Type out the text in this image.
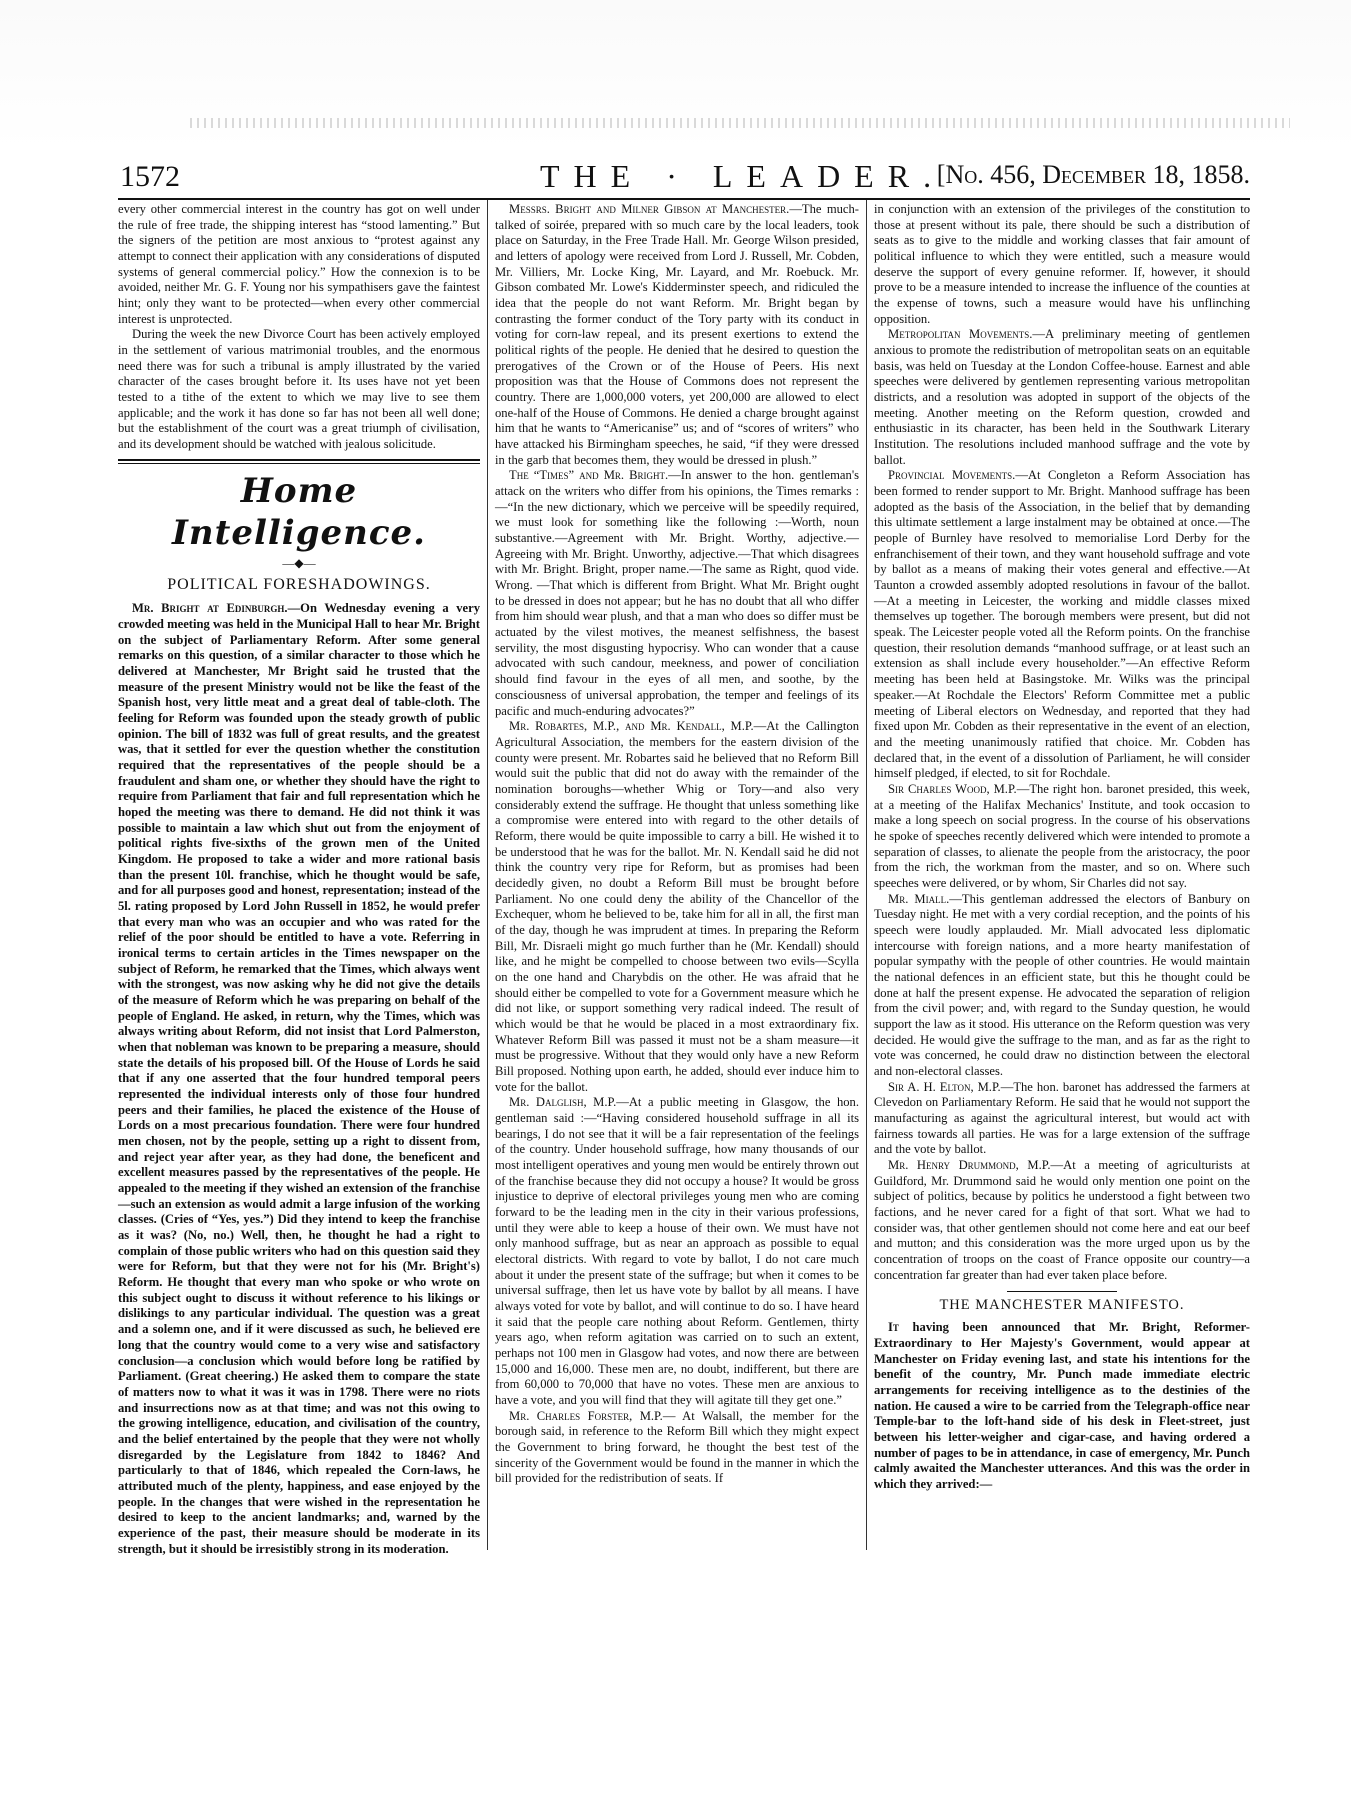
1572	THE · LEADER.
[No. 456, December 18, 1858.

every other commercial interest in the country has got on well under the rule of free trade, the shipping interest has “stood lamenting.” But the signers of the petition are most anxious to “protest against any attempt to connect their application with any considerations of disputed systems of general commercial policy.” How the connexion is to be avoided, neither Mr. G. F. Young nor his sympathisers gave the faintest hint; only they want to be protected—when every other commercial interest is unprotected.

During the week the new Divorce Court has been actively employed in the settlement of various matrimonial troubles, and the enormous need there was for such a tribunal is amply illustrated by the varied character of the cases brought before it. Its uses have not yet been tested to a tithe of the extent to which we may live to see them applicable; and the work it has done so far has not been all well done; but the establishment of the court was a great triumph of civilisation, and its development should be watched with jealous solicitude.

Home Intelligence.
—◆—
POLITICAL FORESHADOWINGS.

Mr. Bright at Edinburgh.—On Wednesday evening a very crowded meeting was held in the Municipal Hall to hear Mr. Bright on the subject of Parliamentary Reform. After some general remarks on this question, of a similar character to those which he delivered at Manchester, Mr Bright said he trusted that the measure of the present Ministry would not be like the feast of the Spanish host, very little meat and a great deal of table-cloth. The feeling for Reform was founded upon the steady growth of public opinion. The bill of 1832 was full of great results, and the greatest was, that it settled for ever the question whether the constitution required that the representatives of the people should be a fraudulent and sham one, or whether they should have the right to require from Parliament that fair and full representation which he hoped the meeting was there to demand. He did not think it was possible to maintain a law which shut out from the enjoyment of political rights five-sixths of the grown men of the United Kingdom. He proposed to take a wider and more rational basis than the present 10l. franchise, which he thought would be safe, and for all purposes good and honest, representation; instead of the 5l. rating proposed by Lord John Russell in 1852, he would prefer that every man who was an occupier and who was rated for the relief of the poor should be entitled to have a vote. Referring in ironical terms to certain articles in the Times newspaper on the subject of Reform, he remarked that the Times, which always went with the strongest, was now asking why he did not give the details of the measure of Reform which he was preparing on behalf of the people of England. He asked, in return, why the Times, which was always writing about Reform, did not insist that Lord Palmerston, when that nobleman was known to be preparing a measure, should state the details of his proposed bill. Of the House of Lords he said that if any one asserted that the four hundred temporal peers represented the individual interests only of those four hundred peers and their families, he placed the existence of the House of Lords on a most precarious foundation. There were four hundred men chosen, not by the people, setting up a right to dissent from, and reject year after year, as they had done, the beneficent and excellent measures passed by the representatives of the people. He appealed to the meeting if they wished an extension of the franchise—such an extension as would admit a large infusion of the working classes. (Cries of “Yes, yes.”) Did they intend to keep the franchise as it was? (No, no.) Well, then, he thought he had a right to complain of those public writers who had on this question said they were for Reform, but that they were not for his (Mr. Bright's) Reform. He thought that every man who spoke or who wrote on this subject ought to discuss it without reference to his likings or dislikings to any particular individual. The question was a great and a solemn one, and if it were discussed as such, he believed ere long that the country would come to a very wise and satisfactory conclusion—a conclusion which would before long be ratified by Parliament. (Great cheering.) He asked them to compare the state of matters now to what it was it was in 1798. There were no riots and insurrections now as at that time; and was not this owing to the growing intelligence, education, and civilisation of the country, and the belief entertained by the people that they were not wholly disregarded by the Legislature from 1842 to 1846? And particularly to that of 1846, which repealed the Corn-laws, he attributed much of the plenty, happiness, and ease enjoyed by the people. In the changes that were wished in the representation he desired to keep to the ancient landmarks; and, warned by the experience of the past, their measure should be moderate in its strength, but it should be irresistibly strong in its moderation.

Messrs. Bright and Milner Gibson at Manchester.—The much-talked of soirée, prepared with so much care by the local leaders, took place on Saturday, in the Free Trade Hall. Mr. George Wilson presided, and letters of apology were received from Lord J. Russell, Mr. Cobden, Mr. Villiers, Mr. Locke King, Mr. Layard, and Mr. Roebuck. Mr. Gibson combated Mr. Lowe's Kidderminster speech, and ridiculed the idea that the people do not want Reform. Mr. Bright began by contrasting the former conduct of the Tory party with its conduct in voting for corn-law repeal, and its present exertions to extend the political rights of the people. He denied that he desired to question the prerogatives of the Crown or of the House of Peers. His next proposition was that the House of Commons does not represent the country. There are 1,000,000 voters, yet 200,000 are allowed to elect one-half of the House of Commons. He denied a charge brought against him that he wants to “Americanise” us; and of “scores of writers” who have attacked his Birmingham speeches, he said, “if they were dressed in the garb that becomes them, they would be dressed in plush.”

The “Times” and Mr. Bright.—In answer to the hon. gentleman's attack on the writers who differ from his opinions, the Times remarks :—“In the new dictionary, which we perceive will be speedily required, we must look for something like the following :—Worth, noun substantive.—Agreement with Mr. Bright. Worthy, adjective.—Agreeing with Mr. Bright. Unworthy, adjective.—That which disagrees with Mr. Bright. Bright, proper name.—The same as Right, quod vide. Wrong. —That which is different from Bright. What Mr. Bright ought to be dressed in does not appear; but he has no doubt that all who differ from him should wear plush, and that a man who does so differ must be actuated by the vilest motives, the meanest selfishness, the basest servility, the most disgusting hypocrisy. Who can wonder that a cause advocated with such candour, meekness, and power of conciliation should find favour in the eyes of all men, and soothe, by the consciousness of universal approbation, the temper and feelings of its pacific and much-enduring advocates?”

Mr. Robartes, M.P., and Mr. Kendall, M.P.—At the Callington Agricultural Association, the members for the eastern division of the county were present. Mr. Robartes said he believed that no Reform Bill would suit the public that did not do away with the remainder of the nomination boroughs—whether Whig or Tory—and also very considerably extend the suffrage. He thought that unless something like a compromise were entered into with regard to the other details of Reform, there would be quite impossible to carry a bill. He wished it to be understood that he was for the ballot. Mr. N. Kendall said he did not think the country very ripe for Reform, but as promises had been decidedly given, no doubt a Reform Bill must be brought before Parliament. No one could deny the ability of the Chancellor of the Exchequer, whom he believed to be, take him for all in all, the first man of the day, though he was imprudent at times. In preparing the Reform Bill, Mr. Disraeli might go much further than he (Mr. Kendall) should like, and he might be compelled to choose between two evils—Scylla on the one hand and Charybdis on the other. He was afraid that he should either be compelled to vote for a Government measure which he did not like, or support something very radical indeed. The result of which would be that he would be placed in a most extraordinary fix. Whatever Reform Bill was passed it must not be a sham measure—it must be progressive. Without that they would only have a new Reform Bill proposed. Nothing upon earth, he added, should ever induce him to vote for the ballot.

Mr. Dalglish, M.P.—At a public meeting in Glasgow, the hon. gentleman said :—“Having considered household suffrage in all its bearings, I do not see that it will be a fair representation of the feelings of the country. Under household suffrage, how many thousands of our most intelligent operatives and young men would be entirely thrown out of the franchise because they did not occupy a house? It would be gross injustice to deprive of electoral privileges young men who are coming forward to be the leading men in the city in their various professions, until they were able to keep a house of their own. We must have not only manhood suffrage, but as near an approach as possible to equal electoral districts. With regard to vote by ballot, I do not care much about it under the present state of the suffrage; but when it comes to be universal suffrage, then let us have vote by ballot by all means. I have always voted for vote by ballot, and will continue to do so. I have heard it said that the people care nothing about Reform. Gentlemen, thirty years ago, when reform agitation was carried on to such an extent, perhaps not 100 men in Glasgow had votes, and now there are between 15,000 and 16,000. These men are, no doubt, indifferent, but there are from 60,000 to 70,000 that have no votes. These men are anxious to have a vote, and you will find that they will agitate till they get one.”

Mr. Charles Forster, M.P.— At Walsall, the member for the borough said, in reference to the Reform Bill which they might expect the Government to bring forward, he thought the best test of the sincerity of the Government would be found in the manner in which the bill provided for the redistribution of seats. If

in conjunction with an extension of the privileges of the constitution to those at present without its pale, there should be such a distribution of seats as to give to the middle and working classes that fair amount of political influence to which they were entitled, such a measure would deserve the support of every genuine reformer. If, however, it should prove to be a measure intended to increase the influence of the counties at the expense of towns, such a measure would have his unflinching opposition.

Metropolitan Movements.—A preliminary meeting of gentlemen anxious to promote the redistribution of metropolitan seats on an equitable basis, was held on Tuesday at the London Coffee-house. Earnest and able speeches were delivered by gentlemen representing various metropolitan districts, and a resolution was adopted in support of the objects of the meeting. Another meeting on the Reform question, crowded and enthusiastic in its character, has been held in the Southwark Literary Institution. The resolutions included manhood suffrage and the vote by ballot.

Provincial Movements.—At Congleton a Reform Association has been formed to render support to Mr. Bright. Manhood suffrage has been adopted as the basis of the Association, in the belief that by demanding this ultimate settlement a large instalment may be obtained at once.—The people of Burnley have resolved to memorialise Lord Derby for the enfranchisement of their town, and they want household suffrage and vote by ballot as a means of making their votes general and effective.—At Taunton a crowded assembly adopted resolutions in favour of the ballot.—At a meeting in Leicester, the working and middle classes mixed themselves up together. The borough members were present, but did not speak. The Leicester people voted all the Reform points. On the franchise question, their resolution demands “manhood suffrage, or at least such an extension as shall include every householder.”—An effective Reform meeting has been held at Basingstoke. Mr. Wilks was the principal speaker.—At Rochdale the Electors' Reform Committee met a public meeting of Liberal electors on Wednesday, and reported that they had fixed upon Mr. Cobden as their representative in the event of an election, and the meeting unanimously ratified that choice. Mr. Cobden has declared that, in the event of a dissolution of Parliament, he will consider himself pledged, if elected, to sit for Rochdale.

Sir Charles Wood, M.P.—The right hon. baronet presided, this week, at a meeting of the Halifax Mechanics' Institute, and took occasion to make a long speech on social progress. In the course of his observations he spoke of speeches recently delivered which were intended to promote a separation of classes, to alienate the people from the aristocracy, the poor from the rich, the workman from the master, and so on. Where such speeches were delivered, or by whom, Sir Charles did not say.

Mr. Miall.—This gentleman addressed the electors of Banbury on Tuesday night. He met with a very cordial reception, and the points of his speech were loudly applauded. Mr. Miall advocated less diplomatic intercourse with foreign nations, and a more hearty manifestation of popular sympathy with the people of other countries. He would maintain the national defences in an efficient state, but this he thought could be done at half the present expense. He advocated the separation of religion from the civil power; and, with regard to the Sunday question, he would support the law as it stood. His utterance on the Reform question was very decided. He would give the suffrage to the man, and as far as the right to vote was concerned, he could draw no distinction between the electoral and non-electoral classes.

Sir A. H. Elton, M.P.—The hon. baronet has addressed the farmers at Clevedon on Parliamentary Reform. He said that he would not support the manufacturing as against the agricultural interest, but would act with fairness towards all parties. He was for a large extension of the suffrage and the vote by ballot.

Mr. Henry Drummond, M.P.—At a meeting of agriculturists at Guildford, Mr. Drummond said he would only mention one point on the subject of politics, because by politics he understood a fight between two factions, and he never cared for a fight of that sort. What we had to consider was, that other gentlemen should not come here and eat our beef and mutton; and this consideration was the more urged upon us by the concentration of troops on the coast of France opposite our country—a concentration far greater than had ever taken place before.

THE MANCHESTER MANIFESTO.

It having been announced that Mr. Bright, Reformer-Extraordinary to Her Majesty's Government, would appear at Manchester on Friday evening last, and state his intentions for the benefit of the country, Mr. Punch made immediate electric arrangements for receiving intelligence as to the destinies of the nation. He caused a wire to be carried from the Telegraph-office near Temple-bar to the loft-hand side of his desk in Fleet-street, just between his letter-weigher and cigar-case, and having ordered a number of pages to be in attendance, in case of emergency, Mr. Punch calmly awaited the Manchester utterances. And this was the order in which they arrived:—
